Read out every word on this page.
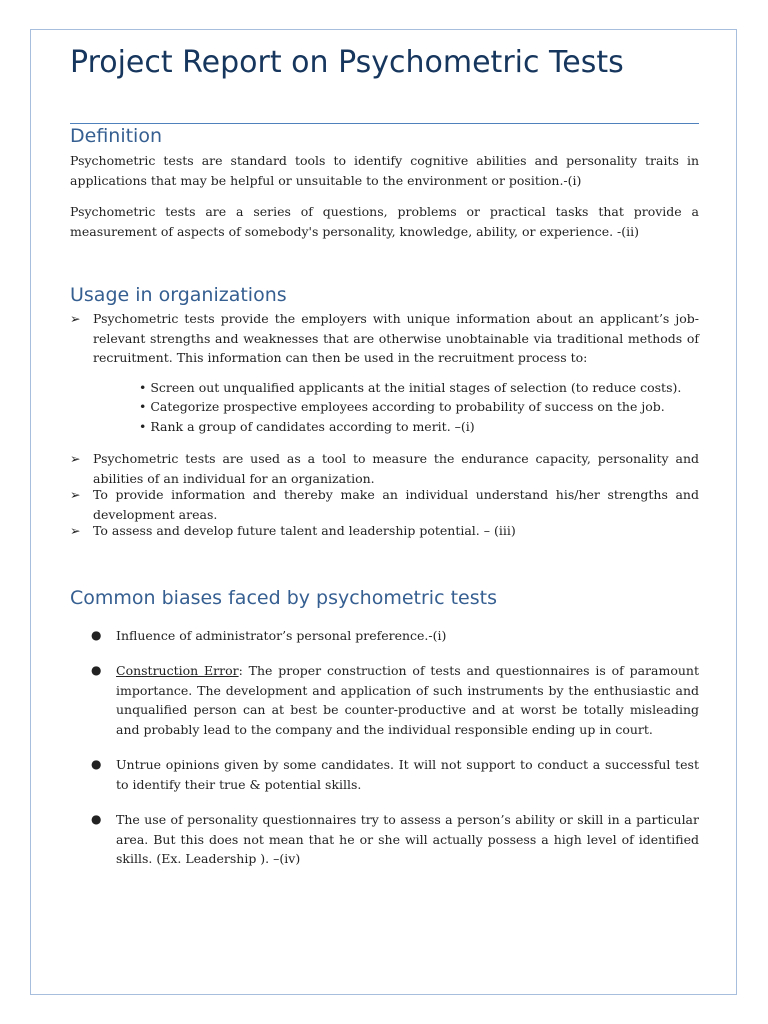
Project Report on Psychometric Tests
Definition

Psychometric tests are standard tools to identify cognitive abilities and personality traits in applications that may be helpful or unsuitable to the environment or position.-(i)

Psychometric tests are a series of questions, problems or practical tasks that provide a measurement of aspects of somebody's personality, knowledge, ability, or experience. -(ii)

Usage in organizations
➢ Psychometric tests provide the employers with unique information about an applicant’s job-relevant strengths and weaknesses that are otherwise unobtainable via traditional methods of recruitment. This information can then be used in the recruitment process to:
• Screen out unqualified applicants at the initial stages of selection (to reduce costs).
• Categorize prospective employees according to probability of success on the job.
• Rank a group of candidates according to merit. –(i)
➢ Psychometric tests are used as a tool to measure the endurance capacity, personality and abilities of an individual for an organization.
➢ To provide information and thereby make an individual understand his/her strengths and development areas.
➢ To assess and develop future talent and leadership potential. – (iii)
Common biases faced by psychometric tests
● Influence of administrator’s personal preference.-(i)
● Construction Error: The proper construction of tests and questionnaires is of paramount importance. The development and application of such instruments by the enthusiastic and unqualified person can at best be counter-productive and at worst be totally misleading and probably lead to the company and the individual responsible ending up in court.
● Untrue opinions given by some candidates. It will not support to conduct a successful test to identify their true & potential skills.
● The use of personality questionnaires try to assess a person’s ability or skill in a particular area. But this does not mean that he or she will actually possess a high level of identified skills. (Ex. Leadership ). –(iv)
